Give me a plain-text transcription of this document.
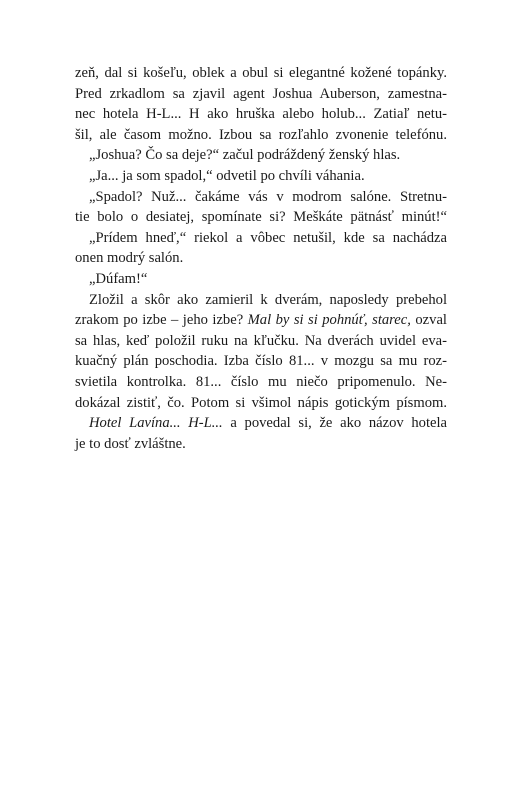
zeň, dal si košeľu, oblek a obul si elegantné kožené topánky.
Pred zrkadlom sa zjavil agent Joshua Auberson, zamestna-
nec hotela H-L... H ako hruška alebo holub... Zatiaľ netu-
šil, ale časom možno. Izbou sa rozľahlo zvonenie telefónu.
„Joshua? Čo sa deje?“ začul podráždený ženský hlas.
„Ja... ja som spadol,“ odvetil po chvíli váhania.
„Spadol? Nuž... čakáme vás v modrom salóne. Stretnu-
tie bolo o desiatej, spomínate si? Meškáte pätnásť minút!“
„Prídem hneď,“ riekol a vôbec netušil, kde sa nachádza
onen modrý salón.
„Dúfam!“
Zložil a skôr ako zamieril k dverám, naposledy prebehol
zrakom po izbe – jeho izbe? Mal by si si pohnúť, starec, ozval
sa hlas, keď položil ruku na kľučku. Na dverách uvidel eva-
kuačný plán poschodia. Izba číslo 81... v mozgu sa mu roz-
svietila kontrolka. 81... číslo mu niečo pripomenulo. Ne-
dokázal zistiť, čo. Potom si všimol nápis gotickým písmom.
Hotel Lavína... H-L... a povedal si, že ako názov hotela
je to dosť zvláštne.
